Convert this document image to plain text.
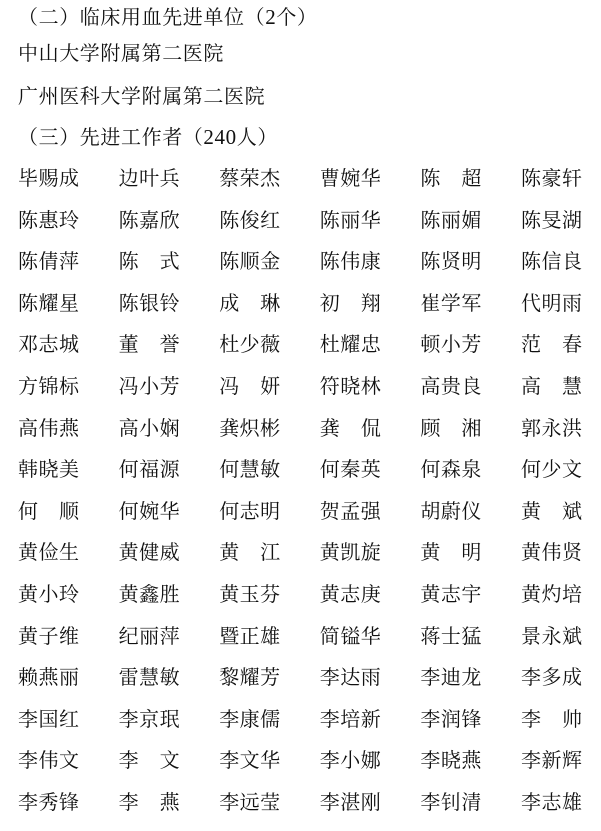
（二）临床用血先进单位（2个）
中山大学附属第二医院
广州医科大学附属第二医院
（三）先进工作者（240人）
毕赐成	边叶兵	蔡荣杰	曹婉华	陈　超	陈豪轩
陈惠玲	陈嘉欣	陈俊红	陈丽华	陈丽媚	陈旻湖
陈倩萍	陈　式	陈顺金	陈伟康	陈贤明	陈信良
陈耀星	陈银铃	成　琳	初　翔	崔学军	代明雨
邓志城	董　誉	杜少薇	杜耀忠	顿小芳	范　春
方锦标	冯小芳	冯　妍	符晓林	高贵良	高　慧
高伟燕	高小娴	龚炽彬	龚　侃	顾　湘	郭永洪
韩晓美	何福源	何慧敏	何秦英	何森泉	何少文
何　顺	何婉华	何志明	贺孟强	胡蔚仪	黄　斌
黄俭生	黄健威	黄　江	黄凯旋	黄　明	黄伟贤
黄小玲	黄鑫胜	黄玉芬	黄志庚	黄志宇	黄灼培
黄子维	纪丽萍	暨正雄	简镒华	蒋士猛	景永斌
赖燕丽	雷慧敏	黎耀芳	李达雨	李迪龙	李多成
李国红	李京珉	李康儒	李培新	李润锋	李　帅
李伟文	李　文	李文华	李小娜	李晓燕	李新辉
李秀锋	李　燕	李远莹	李湛刚	李钊清	李志雄
